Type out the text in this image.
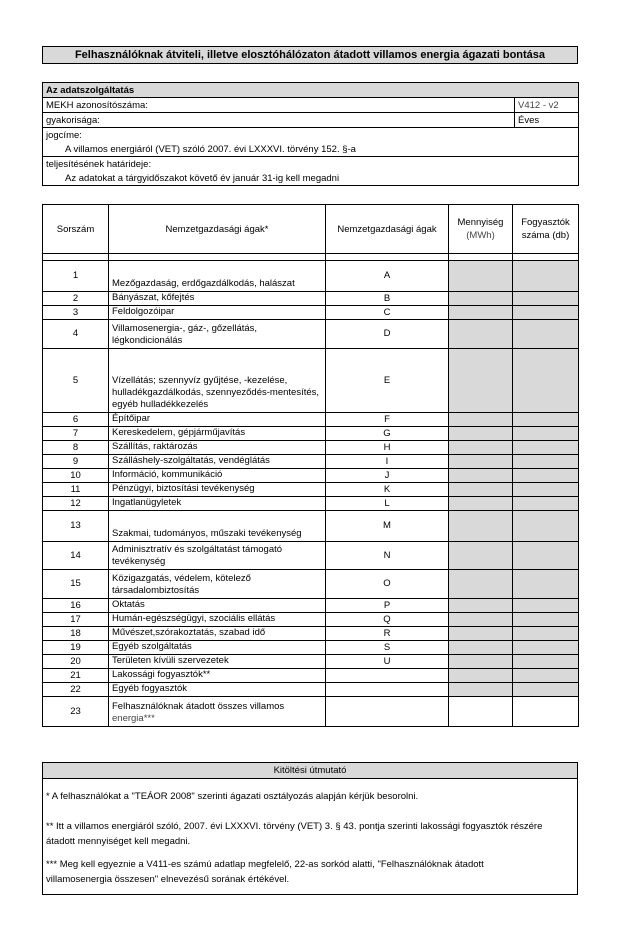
Felhasználóknak átviteli, illetve elosztóhálózaton átadott villamos energia ágazati bontása
Az adatszolgáltatás	
MEKH azonosítószáma:	V412 - v2
gyakorisága:	Éves
jogcíme:	
A villamos energiáról (VET) szóló 2007. évi LXXXVI. törvény 152. §-a	
teljesítésének határideje:	
Az adatokat a tárgyidőszakot követő év január 31-ig kell megadni	
Sorszám	Nemzetgazdasági ágak*	Nemzetgazdasági ágak	Mennyiség
(MWh)	Fogyasztók
száma (db)

1	Mezőgazdaság, erdőgazdálkodás, halászat	A		
2	Bányászat, kőfejtés	B		
3	Feldolgozóipar	C		
4	Villamosenergia-, gáz-, gőzellátás, légkondicionálás	D		
5	Vízellátás; szennyvíz gyűjtése, -kezelése, hulladékgazdálkodás, szennyeződés-mentesítés, egyéb hulladékkezelés	E		
6	Építőipar	F		
7	Kereskedelem, gépjárműjavítás	G		
8	Szállítás, raktározás	H		
9	Szálláshely-szolgáltatás, vendéglátás	I		
10	Információ, kommunikáció	J		
11	Pénzügyi, biztosítási tevékenység	K		
12	Ingatlanügyletek	L		
13	Szakmai, tudományos, műszaki tevékenység	M		
14	Adminisztratív és szolgáltatást támogató tevékenység	N		
15	Közigazgatás, védelem, kötelező társadalombiztosítás	O		
16	Oktatás	P		
17	Humán-egészségügyi, szociális ellátás	Q		
18	Művészet,szórakoztatás, szabad idő	R		
19	Egyéb szolgáltatás	S		
20	Területen kívüli szervezetek	U		
21	Lakossági fogyasztók**			
22	Egyéb fogyasztók			
23	Felhasználóknak átadott összes villamos
energia***			
Kitöltési útmutató

* A felhasználókat a "TEÁOR 2008" szerinti ágazati osztályozás alapján kérjük besorolni.

** Itt a villamos energiáról szóló, 2007. évi LXXXVI. törvény (VET) 3. § 43. pontja szerinti lakossági fogyasztók részére

átadott mennyiséget kell megadni.

*** Meg kell egyeznie a V411-es számú adatlap megfelelő, 22-as sorkód alatti, "Felhasználóknak átadott

villamosenergia összesen" elnevezésű sorának értékével.
